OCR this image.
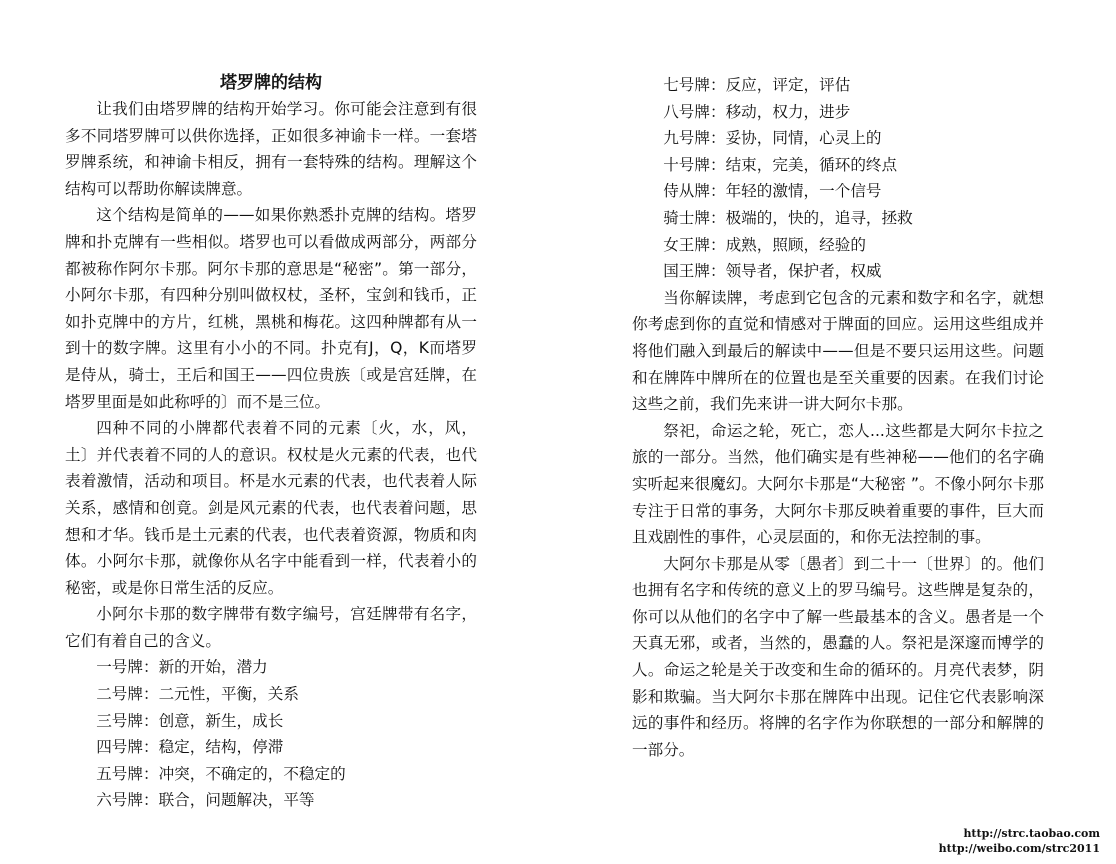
塔罗牌的结构

让我们由塔罗牌的结构开始学习。你可能会注意到有很多不同塔罗牌可以供你选择，正如很多神谕卡一样。一套塔罗牌系统，和神谕卡相反，拥有一套特殊的结构。理解这个结构可以帮助你解读牌意。

这个结构是简单的——如果你熟悉扑克牌的结构。塔罗牌和扑克牌有一些相似。塔罗也可以看做成两部分，两部分都被称作阿尔卡那。阿尔卡那的意思是“秘密”。第一部分，小阿尔卡那，有四种分别叫做权杖，圣杯，宝剑和钱币，正如扑克牌中的方片，红桃，黑桃和梅花。这四种牌都有从一到十的数字牌。这里有小小的不同。扑克有J，Q，K而塔罗是侍从，骑士，王后和国王——四位贵族〔或是宫廷牌，在塔罗里面是如此称呼的〕而不是三位。

四种不同的小牌都代表着不同的元素〔火，水，风，土〕并代表着不同的人的意识。权杖是火元素的代表，也代表着激情，活动和项目。杯是水元素的代表，也代表着人际关系，感情和创竟。剑是风元素的代表，也代表着问题，思想和才华。钱币是土元素的代表，也代表着资源，物质和肉体。小阿尔卡那，就像你从名字中能看到一样，代表着小的秘密，或是你日常生活的反应。

小阿尔卡那的数字牌带有数字编号，宫廷牌带有名字，它们有着自己的含义。

一号牌：新的开始，潜力
二号牌：二元性，平衡，关系
三号牌：创意，新生，成长
四号牌：稳定，结构，停滞
五号牌：冲突，不确定的，不稳定的
六号牌：联合，问题解决，平等
七号牌：反应，评定，评估
八号牌：移动，权力，进步
九号牌：妥协，同情，心灵上的
十号牌：结束，完美，循环的终点
侍从牌：年轻的激情，一个信号
骑士牌：极端的，快的，追寻，拯救
女王牌：成熟，照顾，经验的
国王牌：领导者，保护者，权威

当你解读牌，考虑到它包含的元素和数字和名字，就想你考虑到你的直觉和情感对于牌面的回应。运用这些组成并将他们融入到最后的解读中——但是不要只运用这些。问题和在牌阵中牌所在的位置也是至关重要的因素。在我们讨论这些之前，我们先来讲一讲大阿尔卡那。

祭祀，命运之轮，死亡，恋人...这些都是大阿尔卡拉之旅的一部分。当然，他们确实是有些神秘——他们的名字确实听起来很魔幻。大阿尔卡那是“大秘密 ”。不像小阿尔卡那专注于日常的事务，大阿尔卡那反映着重要的事件，巨大而且戏剧性的事件，心灵层面的，和你无法控制的事。

大阿尔卡那是从零〔愚者〕到二十一〔世界〕的。他们也拥有名字和传统的意义上的罗马编号。这些牌是复杂的，你可以从他们的名字中了解一些最基本的含义。愚者是一个天真无邪，或者，当然的，愚蠢的人。祭祀是深邃而博学的人。命运之轮是关于改变和生命的循环的。月亮代表梦，阴影和欺骗。当大阿尔卡那在牌阵中出现。记住它代表影响深远的事件和经历。将牌的名字作为你联想的一部分和解牌的一部分。

http://strc.taobao.com
http://weibo.com/strc2011
